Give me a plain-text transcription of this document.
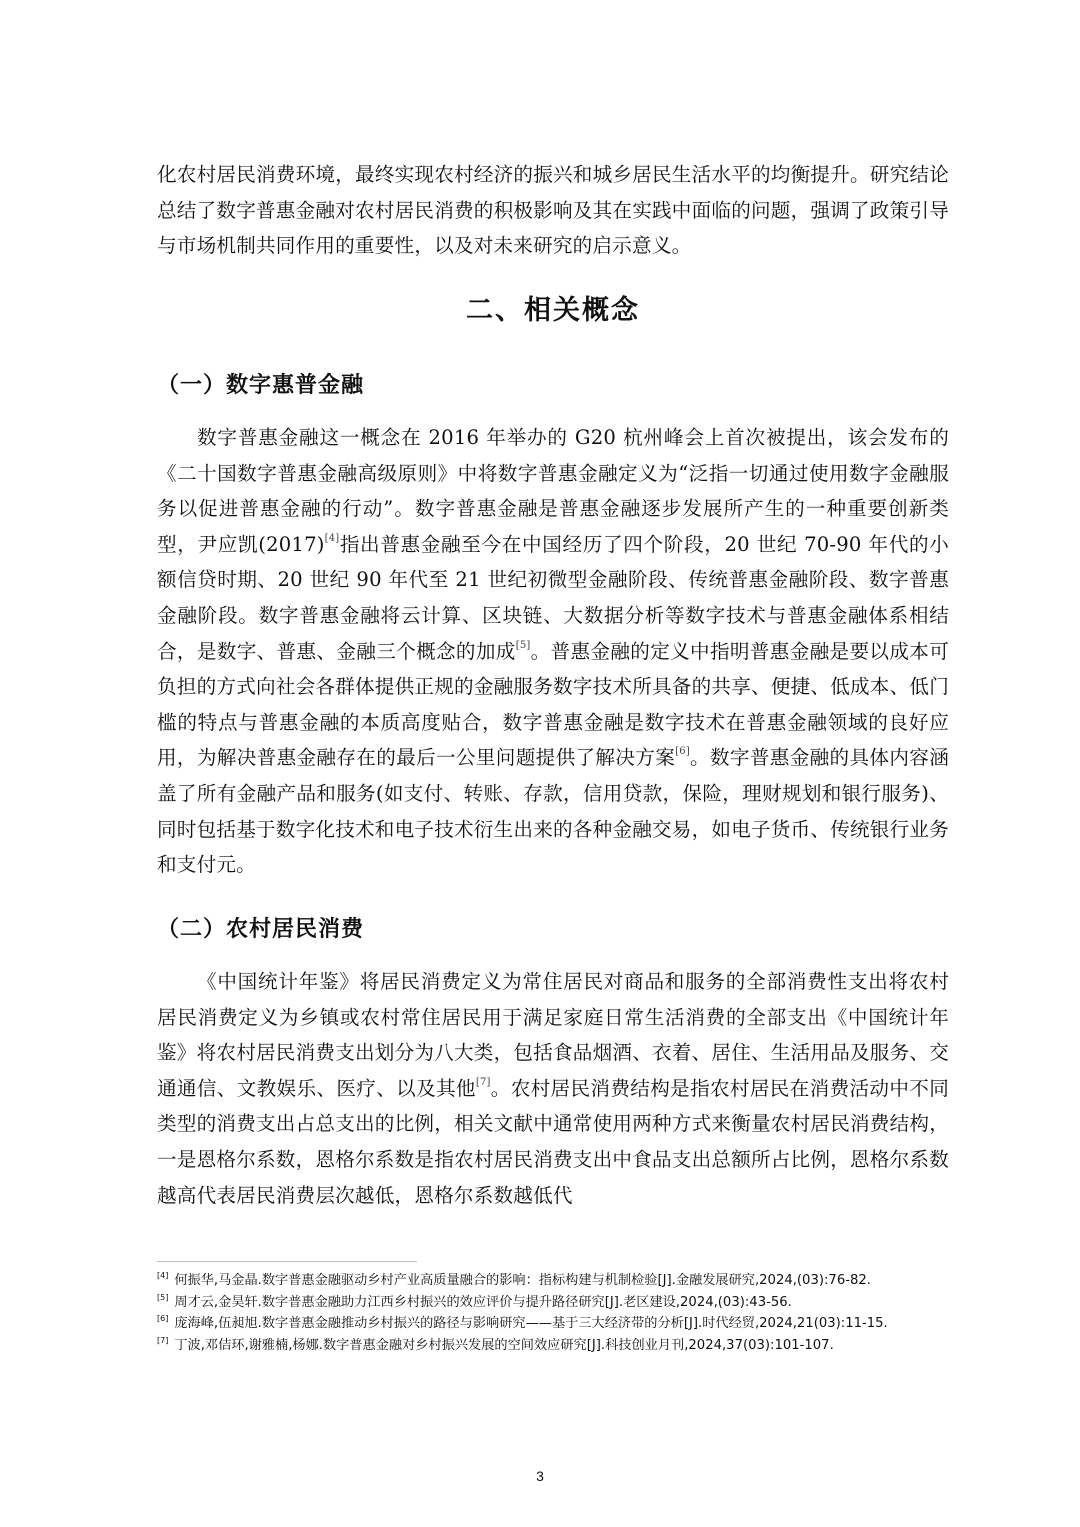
化农村居民消费环境，最终实现农村经济的振兴和城乡居民生活水平的均衡提升。研究结论总结了数字普惠金融对农村居民消费的积极影响及其在实践中面临的问题，强调了政策引导与市场机制共同作用的重要性，以及对未来研究的启示意义。

二、相关概念
（一）数字惠普金融

数字普惠金融这一概念在 2016 年举办的 G20 杭州峰会上首次被提出，该会发布的《二十国数字普惠金融高级原则》中将数字普惠金融定义为“泛指一切通过使用数字金融服务以促进普惠金融的行动”。数字普惠金融是普惠金融逐步发展所产生的一种重要创新类型，尹应凯(2017)[4]指出普惠金融至今在中国经历了四个阶段，20 世纪 70-90 年代的小额信贷时期、20 世纪 90 年代至 21 世纪初微型金融阶段、传统普惠金融阶段、数字普惠金融阶段。数字普惠金融将云计算、区块链、大数据分析等数字技术与普惠金融体系相结合，是数字、普惠、金融三个概念的加成[5]。普惠金融的定义中指明普惠金融是要以成本可负担的方式向社会各群体提供正规的金融服务数字技术所具备的共享、便捷、低成本、低门槛的特点与普惠金融的本质高度贴合，数字普惠金融是数字技术在普惠金融领域的良好应用，为解决普惠金融存在的最后一公里问题提供了解决方案[6]。数字普惠金融的具体内容涵盖了所有金融产品和服务(如支付、转账、存款，信用贷款，保险，理财规划和银行服务)、同时包括基于数字化技术和电子技术衍生出来的各种金融交易，如电子货币、传统银行业务和支付元。

（二）农村居民消费

《中国统计年鉴》将居民消费定义为常住居民对商品和服务的全部消费性支出将农村居民消费定义为乡镇或农村常住居民用于满足家庭日常生活消费的全部支出《中国统计年鉴》将农村居民消费支出划分为八大类，包括食品烟酒、衣着、居住、生活用品及服务、交通通信、文教娱乐、医疗、以及其他[7]。农村居民消费结构是指农村居民在消费活动中不同类型的消费支出占总支出的比例，相关文献中通常使用两种方式来衡量农村居民消费结构，一是恩格尔系数，恩格尔系数是指农村居民消费支出中食品支出总额所占比例，恩格尔系数越高代表居民消费层次越低，恩格尔系数越低代

[4] 何振华,马金晶.数字普惠金融驱动乡村产业高质量融合的影响：指标构建与机制检验[J].金融发展研究,2024,(03):76-82.

[5] 周才云,金昊轩.数字普惠金融助力江西乡村振兴的效应评价与提升路径研究[J].老区建设,2024,(03):43-56.

[6] 庞海峰,伍昶旭.数字普惠金融推动乡村振兴的路径与影响研究——基于三大经济带的分析[J].时代经贸,2024,21(03):11-15.

[7] 丁波,邓佶环,谢雅楠,杨娜.数字普惠金融对乡村振兴发展的空间效应研究[J].科技创业月刊,2024,37(03):101-107.

3
